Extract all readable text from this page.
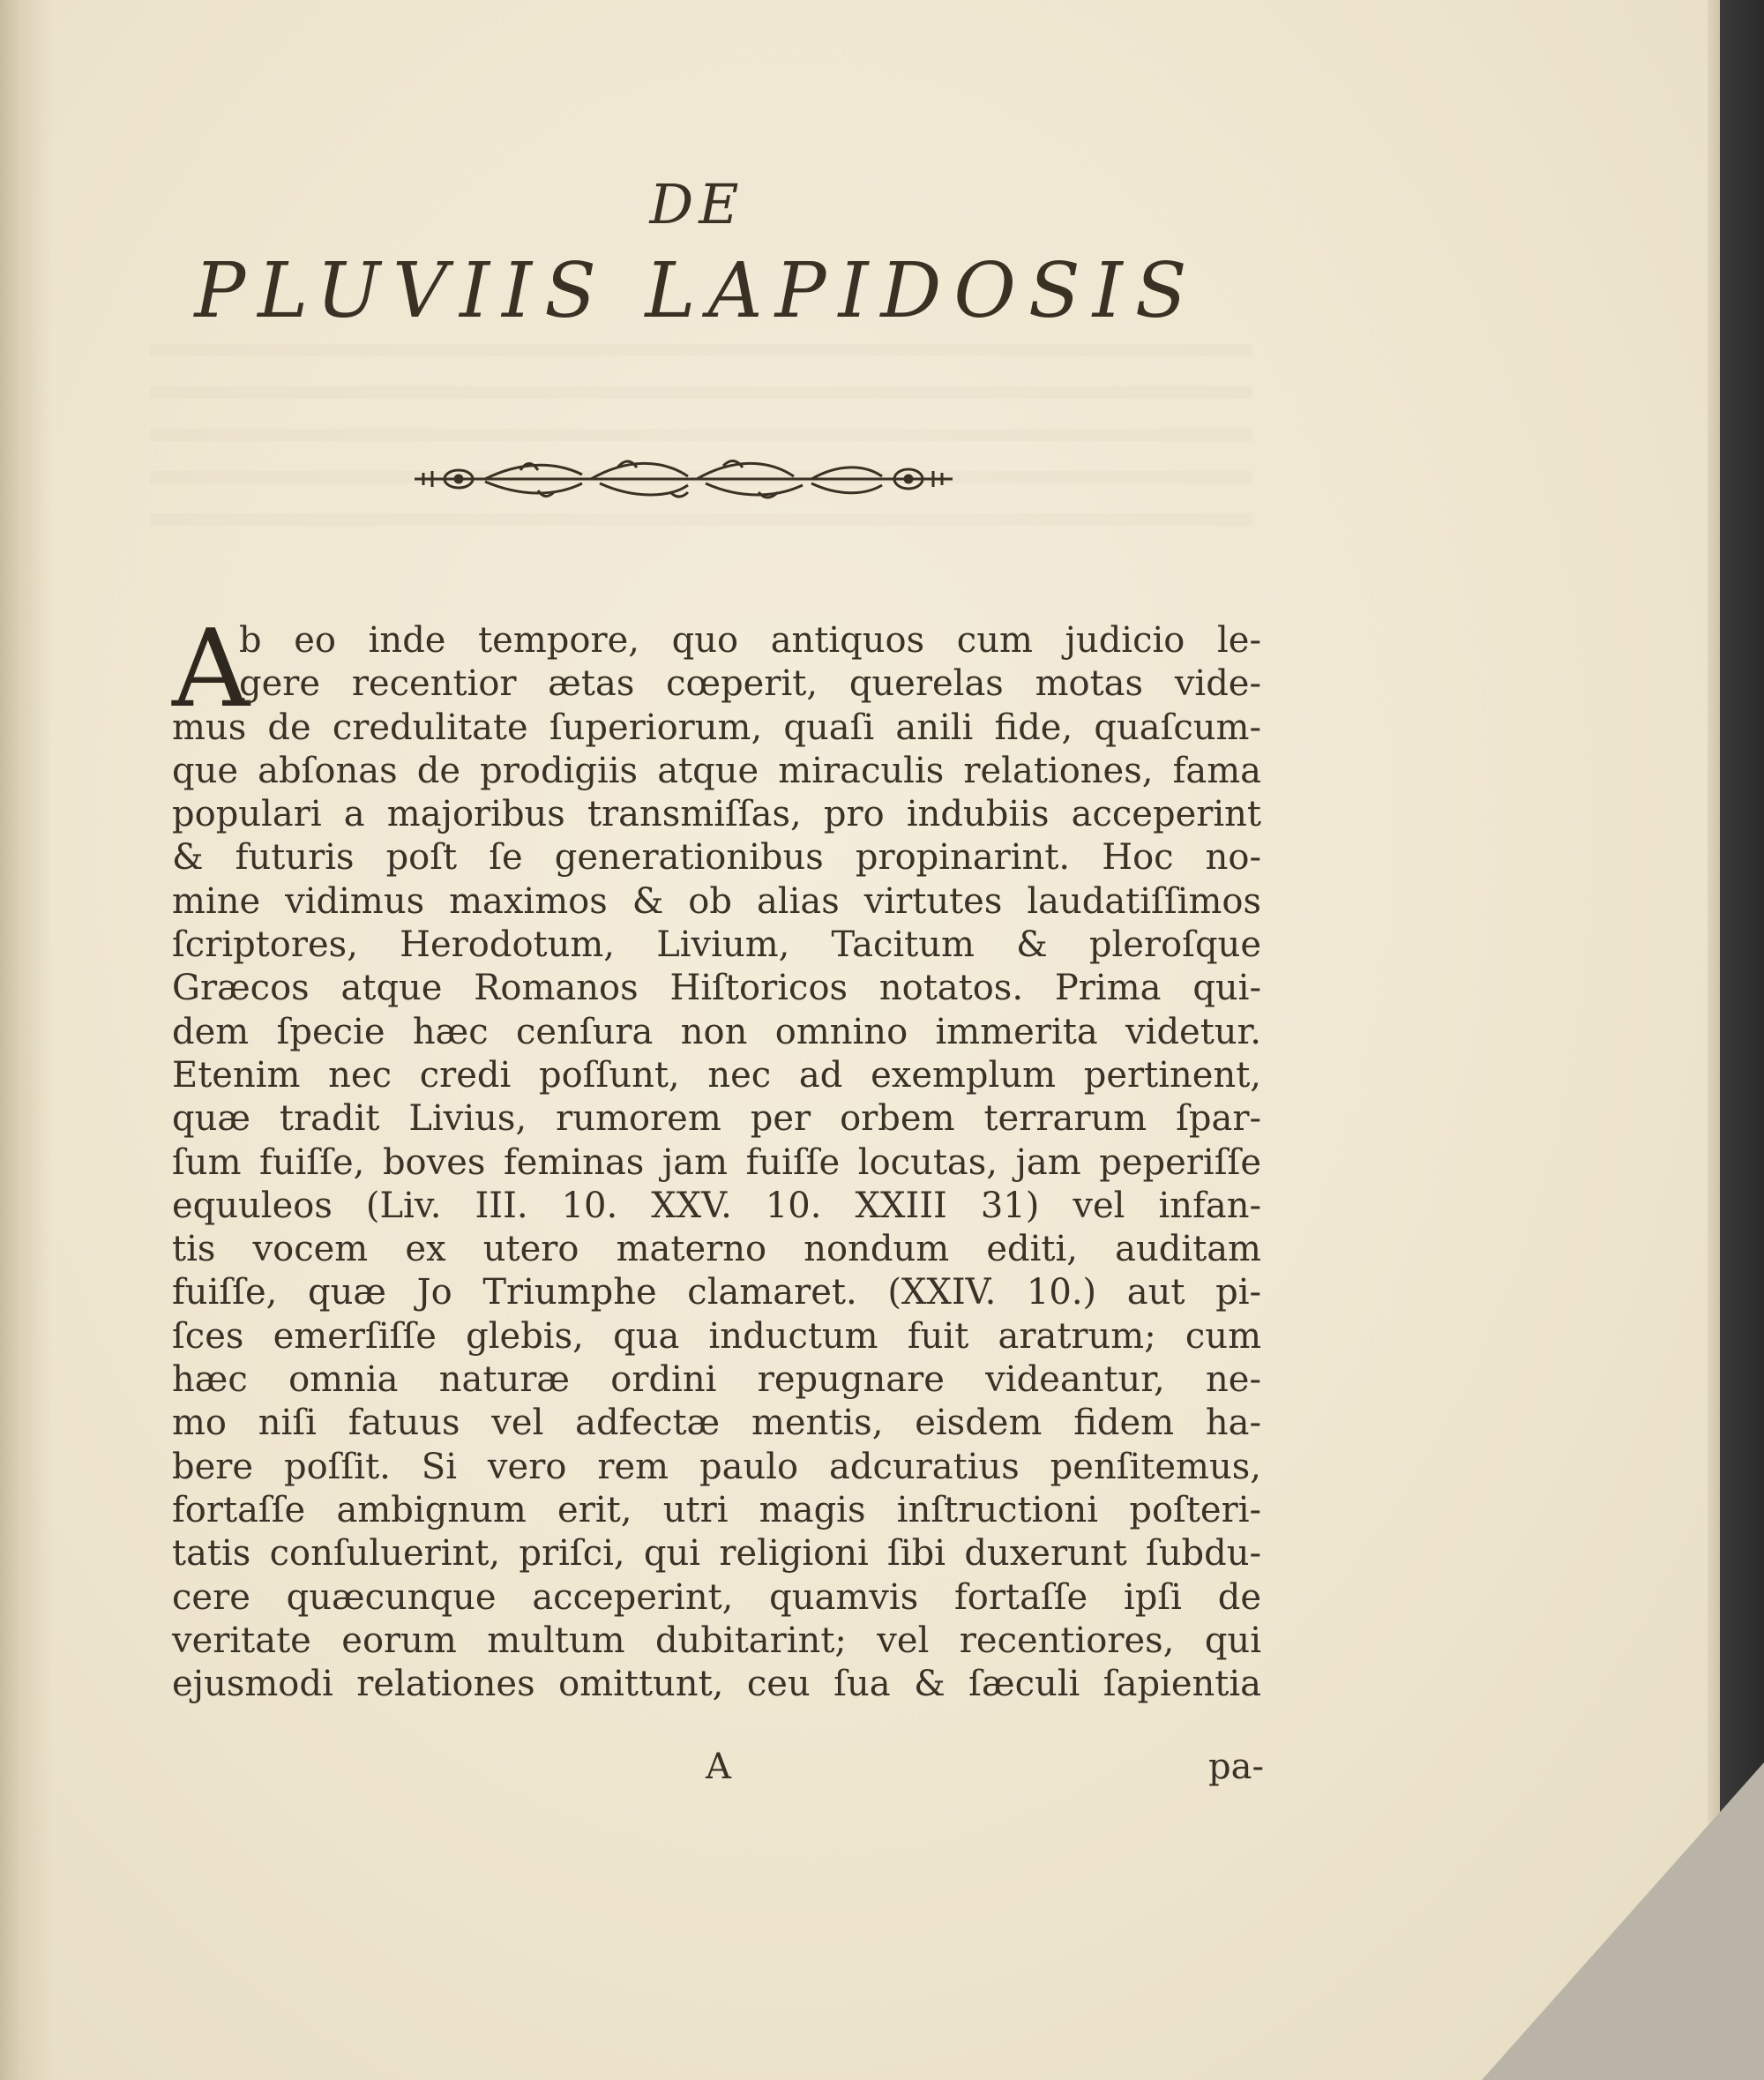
DE
PLUVIIS LAPIDOSIS
A
b eo inde tempore, quo antiquos cum judicio le-
gere recentior ætas cœperit, querelas motas vide-
mus de credulitate ſuperiorum, quaſi anili fide, quaſcum-
que abſonas de prodigiis atque miraculis relationes, fama
populari a majoribus transmiſſas, pro indubiis acceperint
& futuris poſt ſe generationibus propinarint. Hoc no-
mine vidimus maximos & ob alias virtutes laudatiſſimos
ſcriptores, Herodotum, Livium, Tacitum & pleroſque
Græcos atque Romanos Hiſtoricos notatos. Prima qui-
dem ſpecie hæc cenſura non omnino immerita videtur.
Etenim nec credi poſſunt, nec ad exemplum pertinent,
quæ tradit Livius, rumorem per orbem terrarum ſpar-
ſum fuiſſe, boves feminas jam fuiſſe locutas, jam peperiſſe
equuleos (Liv. III. 10. XXV. 10. XXIII 31) vel infan-
tis vocem ex utero materno nondum editi, auditam
fuiſſe, quæ Jo Triumphe clamaret. (XXIV. 10.) aut pi-
ſces emerſiſſe glebis, qua inductum fuit aratrum; cum
hæc omnia naturæ ordini repugnare videantur, ne-
mo niſi fatuus vel adfectæ mentis, eisdem fidem ha-
bere poſſit. Si vero rem paulo adcuratius penſitemus,
fortaſſe ambignum erit, utri magis inſtructioni poſteri-
tatis conſuluerint, priſci, qui religioni ſibi duxerunt ſubdu-
cere quæcunque acceperint, quamvis fortaſſe ipſi de
veritate eorum multum dubitarint; vel recentiores, qui
ejusmodi relationes omittunt, ceu ſua & ſæculi ſapientia
A	pa-
